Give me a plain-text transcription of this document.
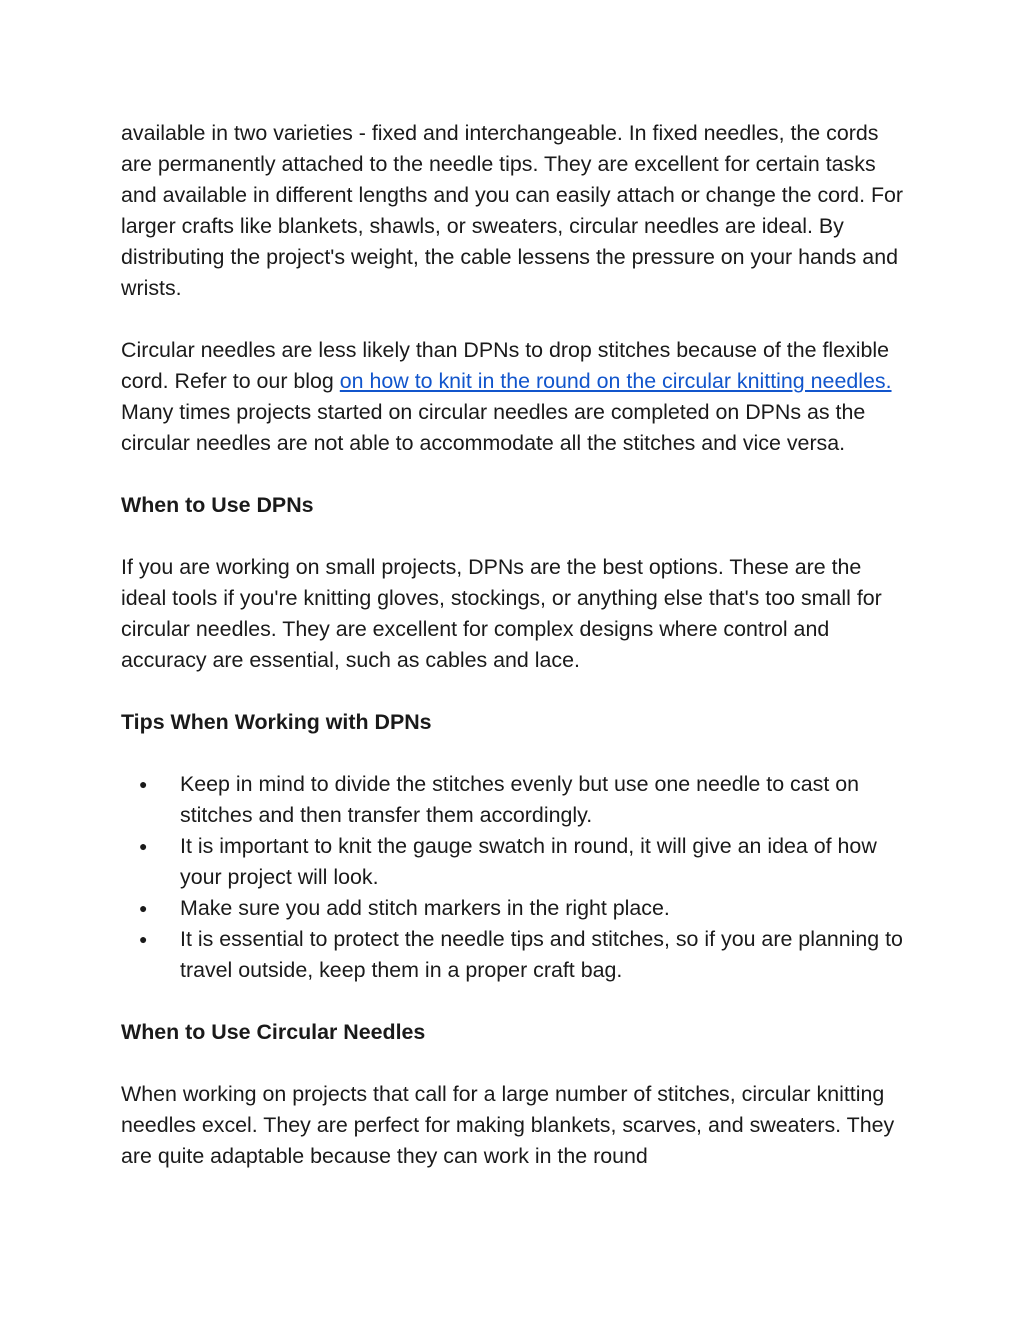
available in two varieties - fixed and interchangeable. In fixed needles, the cords are permanently attached to the needle tips. They are excellent for certain tasks and available in different lengths and you can easily attach or change the cord. For larger crafts like blankets, shawls, or sweaters, circular needles are ideal. By distributing the project's weight, the cable lessens the pressure on your hands and wrists.

Circular needles are less likely than DPNs to drop stitches because of the flexible cord. Refer to our blog on how to knit in the round on the circular knitting needles. Many times projects started on circular needles are completed on DPNs as the circular needles are not able to accommodate all the stitches and vice versa.

When to Use DPNs

If you are working on small projects, DPNs are the best options. These are the ideal tools if you're knitting gloves, stockings, or anything else that's too small for circular needles. They are excellent for complex designs where control and accuracy are essential, such as cables and lace.

Tips When Working with DPNs
● Keep in mind to divide the stitches evenly but use one needle to cast on stitches and then transfer them accordingly.
● It is important to knit the gauge swatch in round, it will give an idea of how your project will look.
● Make sure you add stitch markers in the right place.
● It is essential to protect the needle tips and stitches, so if you are planning to travel outside, keep them in a proper craft bag.
When to Use Circular Needles

When working on projects that call for a large number of stitches, circular knitting needles excel. They are perfect for making blankets, scarves, and sweaters. They are quite adaptable because they can work in the round
